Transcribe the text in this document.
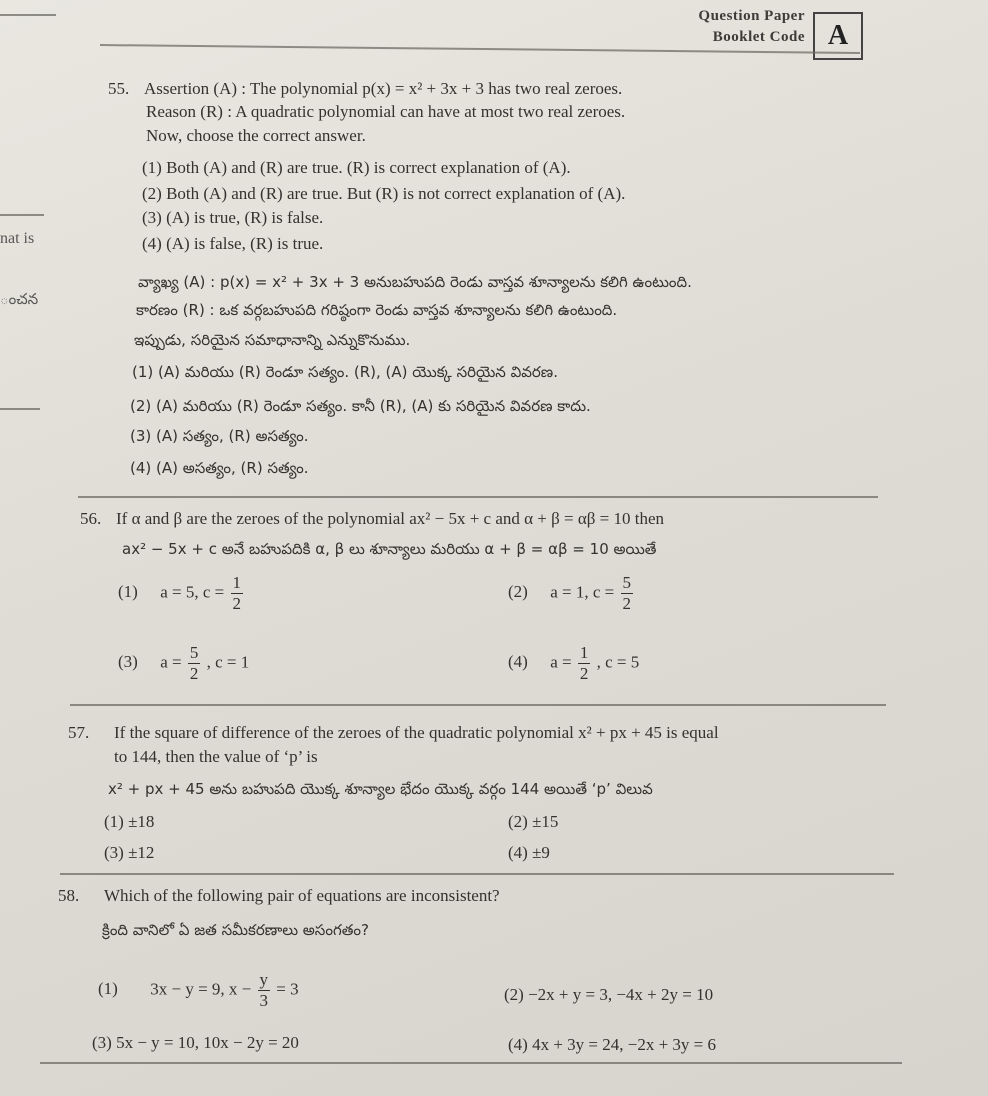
Question Paper
Booklet Code A
nat is
ంచన
55. Assertion (A) : The polynomial p(x) = x² + 3x + 3 has two real zeroes.
Reason (R) : A quadratic polynomial can have at most two real zeroes.
Now, choose the correct answer.
(1) Both (A) and (R) are true. (R) is correct explanation of (A).
(2) Both (A) and (R) are true. But (R) is not correct explanation of (A).
(3) (A) is true, (R) is false.
(4) (A) is false, (R) is true.
వ్యాఖ్య (A) : p(x) = x² + 3x + 3 అనుబహుపది రెండు వాస్తవ శూన్యాలను కలిగి ఉంటుంది.
కారణం (R) : ఒక వర్గబహుపది గరిష్ఠంగా రెండు వాస్తవ శూన్యాలను కలిగి ఉంటుంది.
ఇప్పుడు, సరియైన సమాధానాన్ని ఎన్నుకొనుము.
(1) (A) మరియు (R) రెండూ సత్యం. (R), (A) యొక్క సరియైన వివరణ.
(2) (A) మరియు (R) రెండూ సత్యం. కానీ (R), (A) కు సరియైన వివరణ కాదు.
(3) (A) సత్యం, (R) అసత్యం.
(4) (A) అసత్యం, (R) సత్యం.
56. If α and β are the zeroes of the polynomial ax² − 5x + c and α + β = αβ = 10 then
ax² − 5x + c అనే బహుపదికి α, β లు శూన్యాలు మరియు α + β = αβ = 10 అయితే
(1) a = 5, $c = \frac{1}{2}$	(2) a = 1, $c = \frac{5}{2}$
(3) $a = \frac{5}{2}$ , c = 1	(4) $a = \frac{1}{2}$ , c = 5
57. If the square of difference of the zeroes of the quadratic polynomial x² + px + 45 is equal
to 144, then the value of ‘p’ is
x² + px + 45 అను బహుపది యొక్క శూన్యాల భేదం యొక్క వర్గం 144 అయితే ‘p’ విలువ
(1) ±18	(2) ±15
(3) ±12	(4) ±9
58. Which of the following pair of equations are inconsistent?
క్రింది వానిలో ఏ జత సమీకరణాలు అసంగతం?
(1) 3x − y = 9, $x - \frac{y}{3} = 3$	(2) −2x + y = 3, −4x + 2y = 10
(3) 5x − y = 10, 10x − 2y = 20	(4) 4x + 3y = 24, −2x + 3y = 6
